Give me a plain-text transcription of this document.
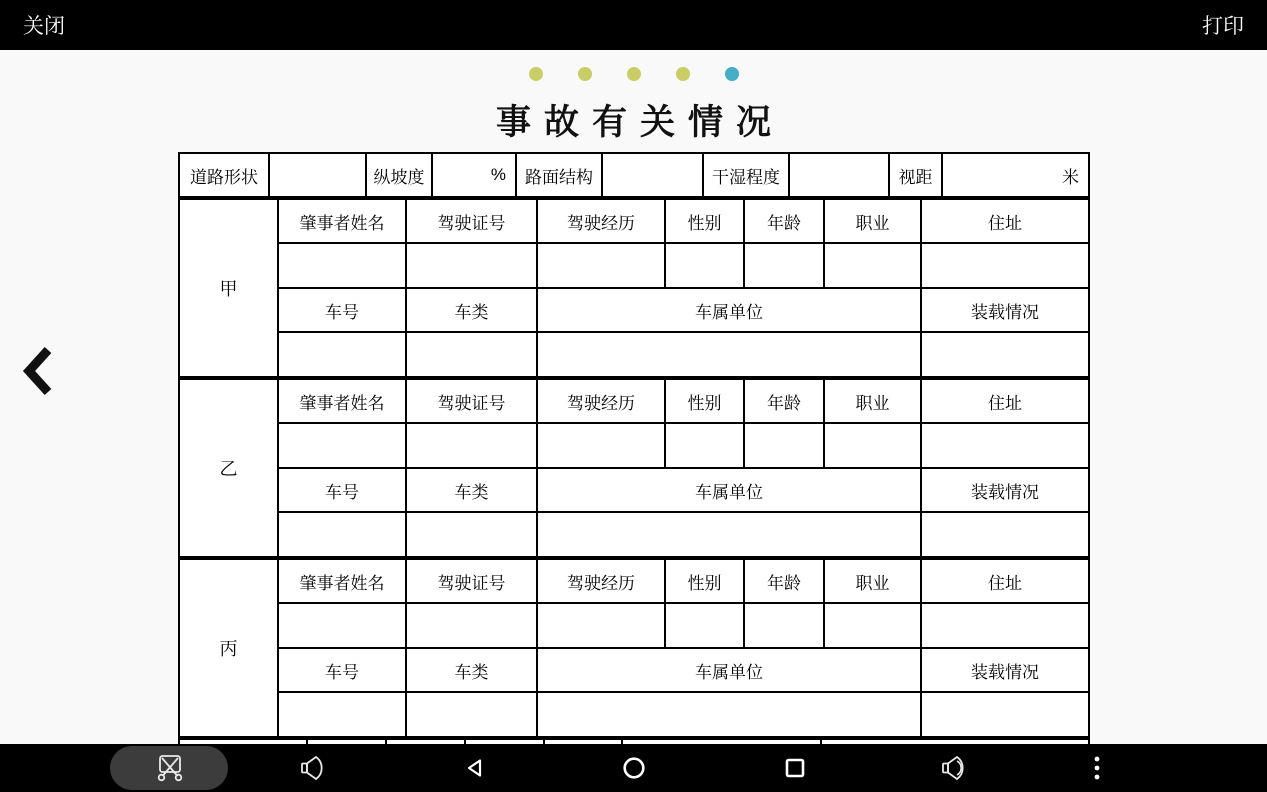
关闭	打印
事故有关情况
道路形状		纵坡度	%	路面结构		干湿程度		视距	米
甲	肇事者姓名	驾驶证号	驾驶经历	性别	年龄	职业	住址

	车号	车类	车属单位				装载情况

乙	肇事者姓名	驾驶证号	驾驶经历	性别	年龄	职业	住址

	车号	车类	车属单位				装载情况

丙	肇事者姓名	驾驶证号	驾驶经历	性别	年龄	职业	住址

	车号	车类	车属单位				装载情况
